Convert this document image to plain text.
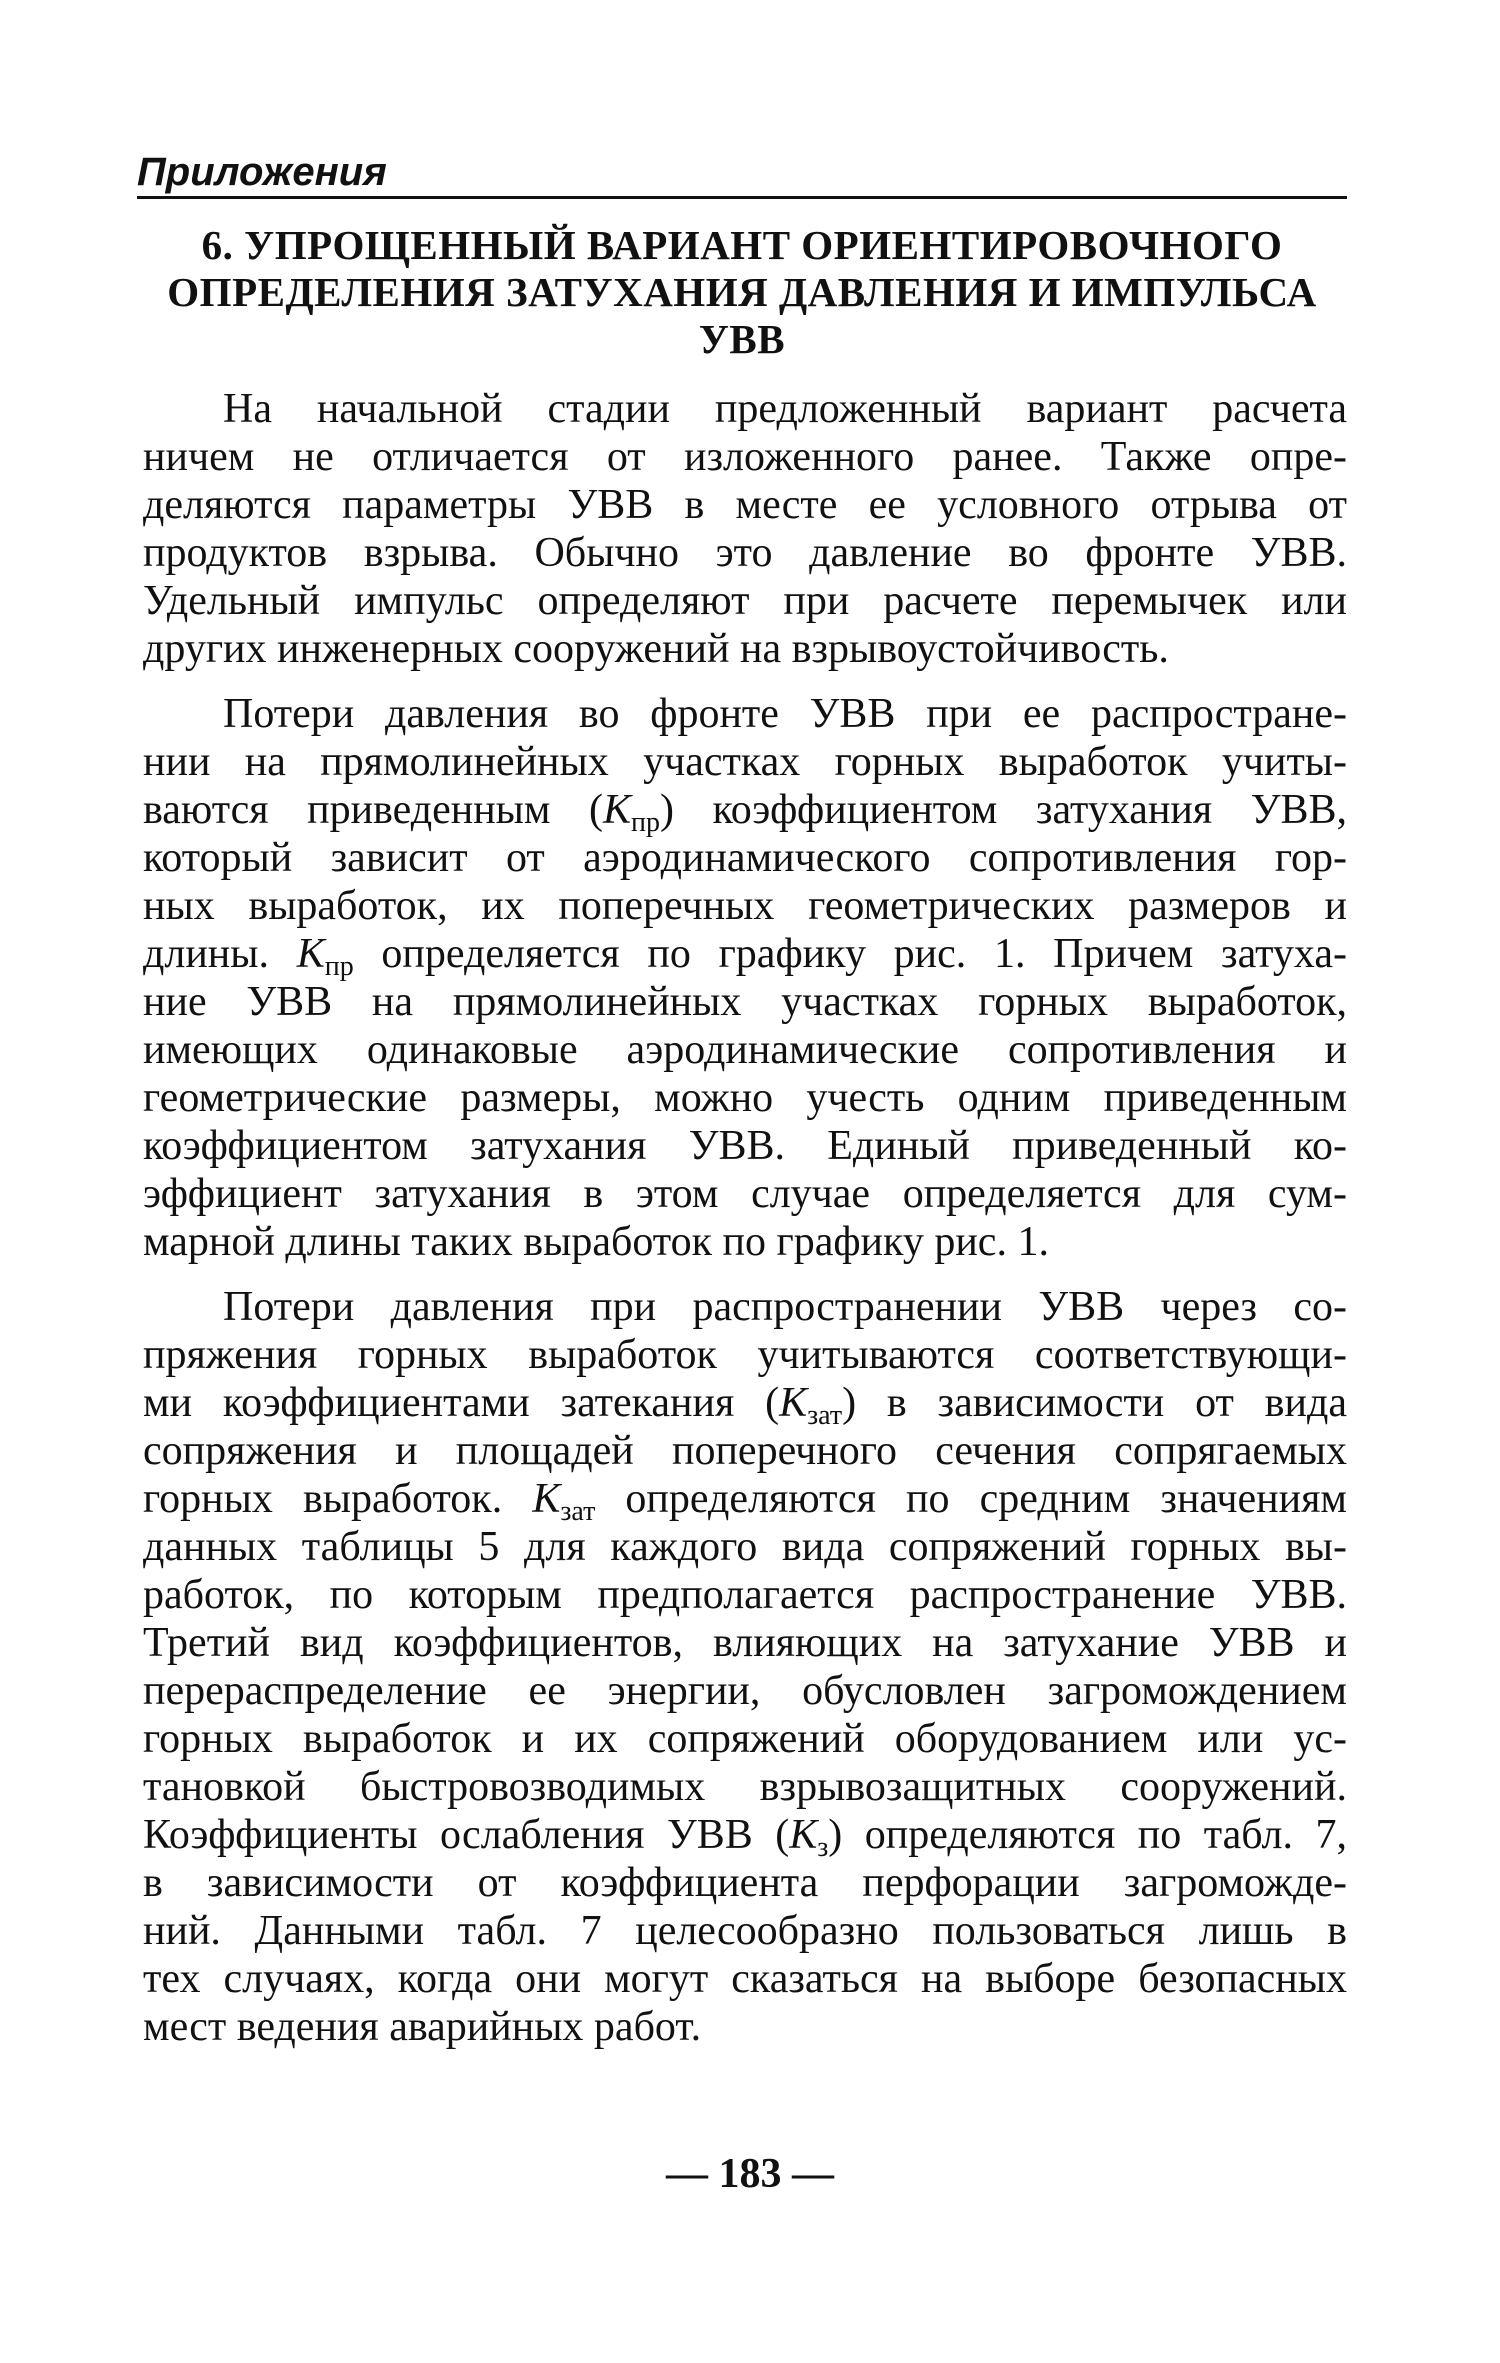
Приложения
6. УПРОЩЕННЫЙ ВАРИАНТ ОРИЕНТИРОВОЧНОГО
ОПРЕДЕЛЕНИЯ ЗАТУХАНИЯ ДАВЛЕНИЯ И ИМПУЛЬСА
УВВ
На начальной стадии предложенный вариант расчета
ничем не отличается от изложенного ранее. Также опре-
деляются параметры УВВ в месте ее условного отрыва от
продуктов взрыва. Обычно это давление во фронте УВВ.
Удельный импульс определяют при расчете перемычек или
других инженерных сооружений на взрывоустойчивость.
Потери давления во фронте УВВ при ее распростране-
нии на прямолинейных участках горных выработок учиты-
ваются приведенным $(K_{пр})$ коэффициентом затухания УВВ,
который зависит от аэродинамического сопротивления гор-
ных выработок, их поперечных геометрических размеров и
длины. $K_{пр}$ определяется по графику рис. 1. Причем затуха-
ние УВВ на прямолинейных участках горных выработок,
имеющих одинаковые аэродинамические сопротивления и
геометрические размеры, можно учесть одним приведенным
коэффициентом затухания УВВ. Единый приведенный ко-
эффициент затухания в этом случае определяется для сум-
марной длины таких выработок по графику рис. 1.
Потери давления при распространении УВВ через со-
пряжения горных выработок учитываются соответствующи-
ми коэффициентами затекания $(K_{зат})$ в зависимости от вида
сопряжения и площадей поперечного сечения сопрягаемых
горных выработок. $K_{зат}$ определяются по средним значениям
данных таблицы 5 для каждого вида сопряжений горных вы-
работок, по которым предполагается распространение УВВ.
Третий вид коэффициентов, влияющих на затухание УВВ и
перераспределение ее энергии, обусловлен загромождением
горных выработок и их сопряжений оборудованием или ус-
тановкой быстровозводимых взрывозащитных сооружений.
Коэффициенты ослабления УВВ $(K_з)$ определяются по табл. 7,
в зависимости от коэффициента перфорации загроможде-
ний. Данными табл. 7 целесообразно пользоваться лишь в
тех случаях, когда они могут сказаться на выборе безопасных
мест ведения аварийных работ.
— 183 —
